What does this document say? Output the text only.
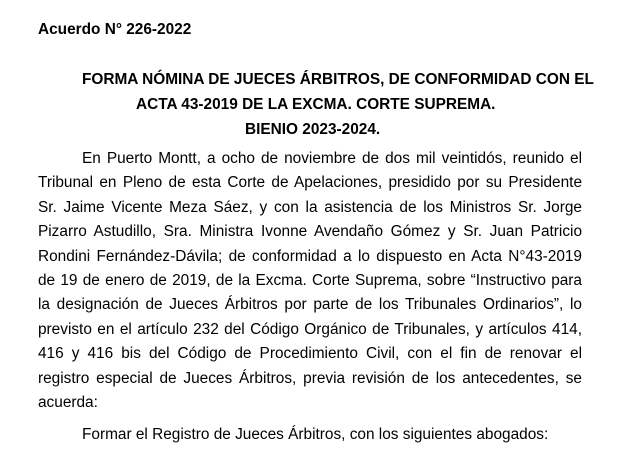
Acuerdo N° 226-2022

FORMA NÓMINA DE JUECES ÁRBITROS, DE CONFORMIDAD CON EL

ACTA 43-2019 DE LA EXCMA. CORTE SUPREMA.

BIENIO 2023-2024.

En Puerto Montt, a ocho de noviembre de dos mil veintidós, reunido el Tribunal en Pleno de esta Corte de Apelaciones, presidido por su Presidente Sr. Jaime Vicente Meza Sáez, y con la asistencia de los Ministros Sr. Jorge Pizarro Astudillo, Sra. Ministra Ivonne Avendaño Gómez y Sr. Juan Patricio Rondini Fernández-Dávila; de conformidad a lo dispuesto en Acta N°43-2019 de 19 de enero de 2019, de la Excma. Corte Suprema, sobre “Instructivo para la designación de Jueces Árbitros por parte de los Tribunales Ordinarios”, lo previsto en el artículo 232 del Código Orgánico de Tribunales, y artículos 414, 416 y 416 bis del Código de Procedimiento Civil, con el fin de renovar el registro especial de Jueces Árbitros, previa revisión de los antecedentes, se acuerda:

Formar el Registro de Jueces Árbitros, con los siguientes abogados:
